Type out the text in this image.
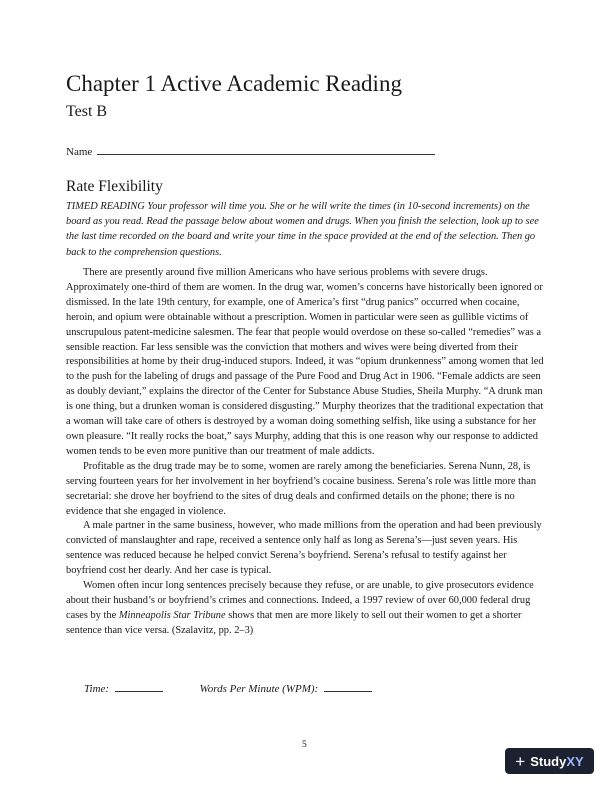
Chapter 1 Active Academic Reading
Test B
Name
Rate Flexibility

TIMED READING Your professor will time you. She or he will write the times (in 10-second increments) on the board as you read. Read the passage below about women and drugs. When you finish the selection, look up to see the last time recorded on the board and write your time in the space provided at the end of the selection. Then go back to the comprehension questions.

There are presently around five million Americans who have serious problems with severe drugs. Approximately one-third of them are women. In the drug war, women’s concerns have historically been ignored or dismissed. In the late 19th century, for example, one of America’s first “drug panics” occurred when cocaine, heroin, and opium were obtainable without a prescription. Women in particular were seen as gullible victims of unscrupulous patent-medicine salesmen. The fear that people would overdose on these so-called “remedies” was a sensible reaction. Far less sensible was the conviction that mothers and wives were being diverted from their responsibilities at home by their drug-induced stupors. Indeed, it was “opium drunkenness” among women that led to the push for the labeling of drugs and passage of the Pure Food and Drug Act in 1906. “Female addicts are seen as doubly deviant,” explains the director of the Center for Substance Abuse Studies, Sheila Murphy. “A drunk man is one thing, but a drunken woman is considered disgusting.” Murphy theorizes that the traditional expectation that a woman will take care of others is destroyed by a woman doing something selfish, like using a substance for her own pleasure. “It really rocks the boat,” says Murphy, adding that this is one reason why our response to addicted women tends to be even more punitive than our treatment of male addicts.

Profitable as the drug trade may be to some, women are rarely among the beneficiaries. Serena Nunn, 28, is serving fourteen years for her involvement in her boyfriend’s cocaine business. Serena’s role was little more than secretarial: she drove her boyfriend to the sites of drug deals and confirmed details on the phone; there is no evidence that she engaged in violence.

A male partner in the same business, however, who made millions from the operation and had been previously convicted of manslaughter and rape, received a sentence only half as long as Serena’s—just seven years. His sentence was reduced because he helped convict Serena’s boyfriend. Serena’s refusal to testify against her boyfriend cost her dearly. And her case is typical.

Women often incur long sentences precisely because they refuse, or are unable, to give prosecutors evidence about their husband’s or boyfriend’s crimes and connections. Indeed, a 1997 review of over 60,000 federal drug cases by the Minneapolis Star Tribune shows that men are more likely to sell out their women to get a shorter sentence than vice versa. (Szalavitz, pp. 2–3)

Time:	Words Per Minute (WPM):
5
+ Study XY
